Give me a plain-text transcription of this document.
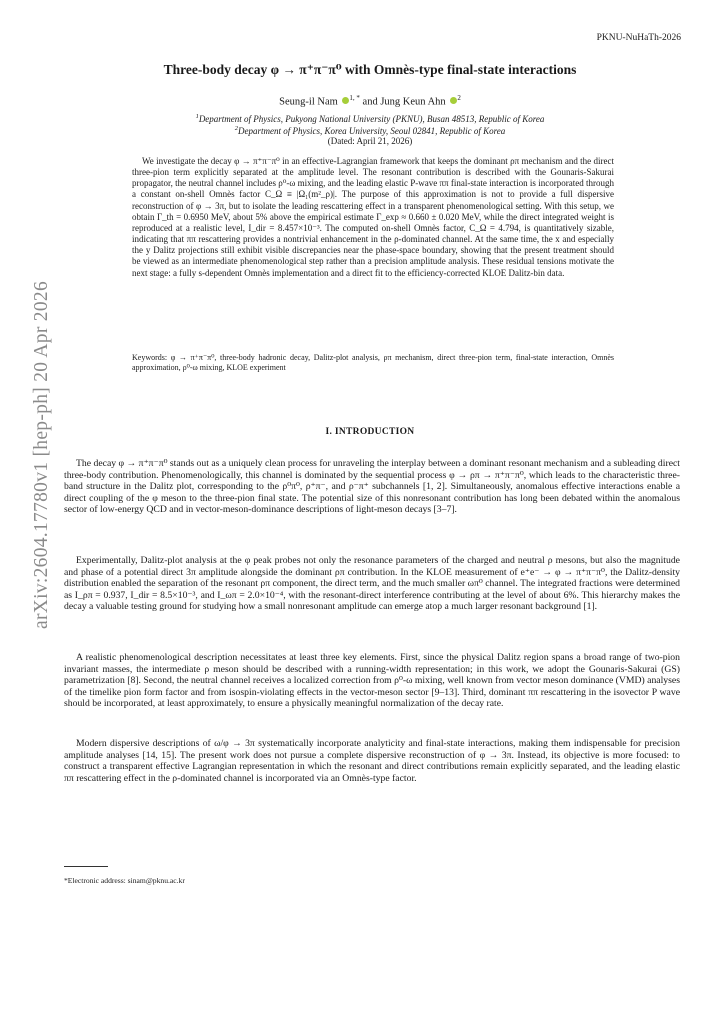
PKNU-NuHaTh-2026
arXiv:2604.17780v1 [hep-ph] 20 Apr 2026
Three-body decay φ → π⁺π⁻π⁰ with Omnès-type final-state interactions
Seung-il Nam $^{1, *}$ and Jung Keun Ahn $^2$
$^1$Department of Physics, Pukyong National University (PKNU), Busan 48513, Republic of Korea
$^2$Department of Physics, Korea University, Seoul 02841, Republic of Korea
(Dated: April 21, 2026)

We investigate the decay φ → π⁺π⁻π⁰ in an effective-Lagrangian framework that keeps the dominant ρπ mechanism and the direct three-pion term explicitly separated at the amplitude level. The resonant contribution is described with the Gounaris-Sakurai propagator, the neutral channel includes ρ⁰-ω mixing, and the leading elastic P-wave ππ final-state interaction is incorporated through a constant on-shell Omnès factor C_Ω ≡ |Ω₁(m²_ρ)|. The purpose of this approximation is not to provide a full dispersive reconstruction of φ → 3π, but to isolate the leading rescattering effect in a transparent phenomenological setting. With this setup, we obtain Γ_th = 0.6950 MeV, about 5% above the empirical estimate Γ_exp ≈ 0.660 ± 0.020 MeV, while the direct integrated weight is reproduced at a realistic level, I_dir = 8.457×10⁻³. The computed on-shell Omnès factor, C_Ω = 4.794, is quantitatively sizable, indicating that ππ rescattering provides a nontrivial enhancement in the ρ-dominated channel. At the same time, the x and especially the y Dalitz projections still exhibit visible discrepancies near the phase-space boundary, showing that the present treatment should be viewed as an intermediate phenomenological step rather than a precision amplitude analysis. These residual tensions motivate the next stage: a fully s-dependent Omnès implementation and a direct fit to the efficiency-corrected KLOE Dalitz-bin data.

Keywords: φ → π⁺π⁻π⁰, three-body hadronic decay, Dalitz-plot analysis, ρπ mechanism, direct three-pion term, final-state interaction, Omnès approximation, ρ⁰-ω mixing, KLOE experiment

I. INTRODUCTION

The decay φ → π⁺π⁻π⁰ stands out as a uniquely clean process for unraveling the interplay between a dominant resonant mechanism and a subleading direct three-body contribution. Phenomenologically, this channel is dominated by the sequential process φ → ρπ → π⁺π⁻π⁰, which leads to the characteristic three-band structure in the Dalitz plot, corresponding to the ρ⁰π⁰, ρ⁺π⁻, and ρ⁻π⁺ subchannels [1, 2]. Simultaneously, anomalous effective interactions enable a direct coupling of the φ meson to the three-pion final state. The potential size of this nonresonant contribution has long been debated within the anomalous sector of low-energy QCD and in vector-meson-dominance descriptions of light-meson decays [3–7].

Experimentally, Dalitz-plot analysis at the φ peak probes not only the resonance parameters of the charged and neutral ρ mesons, but also the magnitude and phase of a potential direct 3π amplitude alongside the dominant ρπ contribution. In the KLOE measurement of e⁺e⁻ → φ → π⁺π⁻π⁰, the Dalitz-density distribution enabled the separation of the resonant ρπ component, the direct term, and the much smaller ωπ⁰ channel. The integrated fractions were determined as I_ρπ = 0.937, I_dir = 8.5×10⁻³, and I_ωπ = 2.0×10⁻⁴, with the resonant-direct interference contributing at the level of about 6%. This hierarchy makes the decay a valuable testing ground for studying how a small nonresonant amplitude can emerge atop a much larger resonant background [1].

A realistic phenomenological description necessitates at least three key elements. First, since the physical Dalitz region spans a broad range of two-pion invariant masses, the intermediate ρ meson should be described with a running-width representation; in this work, we adopt the Gounaris-Sakurai (GS) parametrization [8]. Second, the neutral channel receives a localized correction from ρ⁰-ω mixing, well known from vector meson dominance (VMD) analyses of the timelike pion form factor and from isospin-violating effects in the vector-meson sector [9–13]. Third, dominant ππ rescattering in the isovector P wave should be incorporated, at least approximately, to ensure a physically meaningful normalization of the decay rate.

Modern dispersive descriptions of ω/φ → 3π systematically incorporate analyticity and final-state interactions, making them indispensable for precision amplitude analyses [14, 15]. The present work does not pursue a complete dispersive reconstruction of φ → 3π. Instead, its objective is more focused: to construct a transparent effective Lagrangian representation in which the resonant and direct contributions remain explicitly separated, and the leading elastic ππ rescattering effect in the ρ-dominated channel is incorporated via an Omnès-type factor.

*Electronic address: sinam@pknu.ac.kr
